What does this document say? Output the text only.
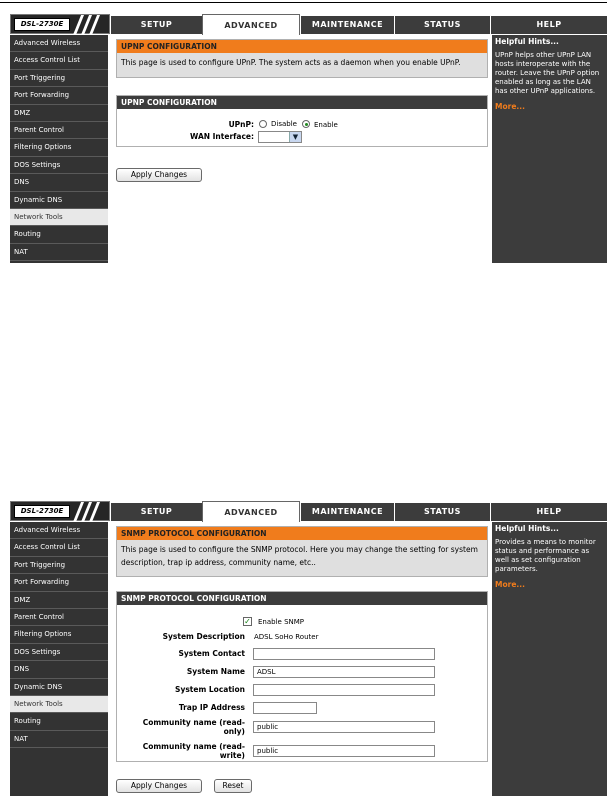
DSL-2730E	SETUP	ADVANCED	MAINTENANCE	STATUS	HELP
Advanced Wireless
Access Control List
Port Triggering
Port Forwarding
DMZ
Parent Control
Filtering Options
DOS Settings
DNS
Dynamic DNS
Network Tools
Routing
NAT
UPNP CONFIGURATION
This page is used to configure UPnP. The system acts as a daemon when you enable UPnP.
UPNP CONFIGURATION
UPnP: Disable Enable
WAN Interface:	▼
Apply Changes
Helpful Hints...
UPnP helps other UPnP LAN hosts interoperate with the router. Leave the UPnP option enabled as long as the LAN has other UPnP applications.
More...
DSL-2730E	SETUP	ADVANCED	MAINTENANCE	STATUS	HELP
Advanced Wireless
Access Control List
Port Triggering
Port Forwarding
DMZ
Parent Control
Filtering Options
DOS Settings
DNS
Dynamic DNS
Network Tools
Routing
NAT
SNMP PROTOCOL CONFIGURATION
This page is used to configure the SNMP protocol. Here you may change the setting for system description, trap ip address, community name, etc..
SNMP PROTOCOL CONFIGURATION
✓ Enable SNMP
System Description ADSL SoHo Router
System Contact
System Name	ADSL
System Location
Trap IP Address
Community name (read-only)	public
Community name (read-write)	public
Apply Changes	Reset
Helpful Hints...
Provides a means to monitor status and performance as well as set configuration parameters.
More...
